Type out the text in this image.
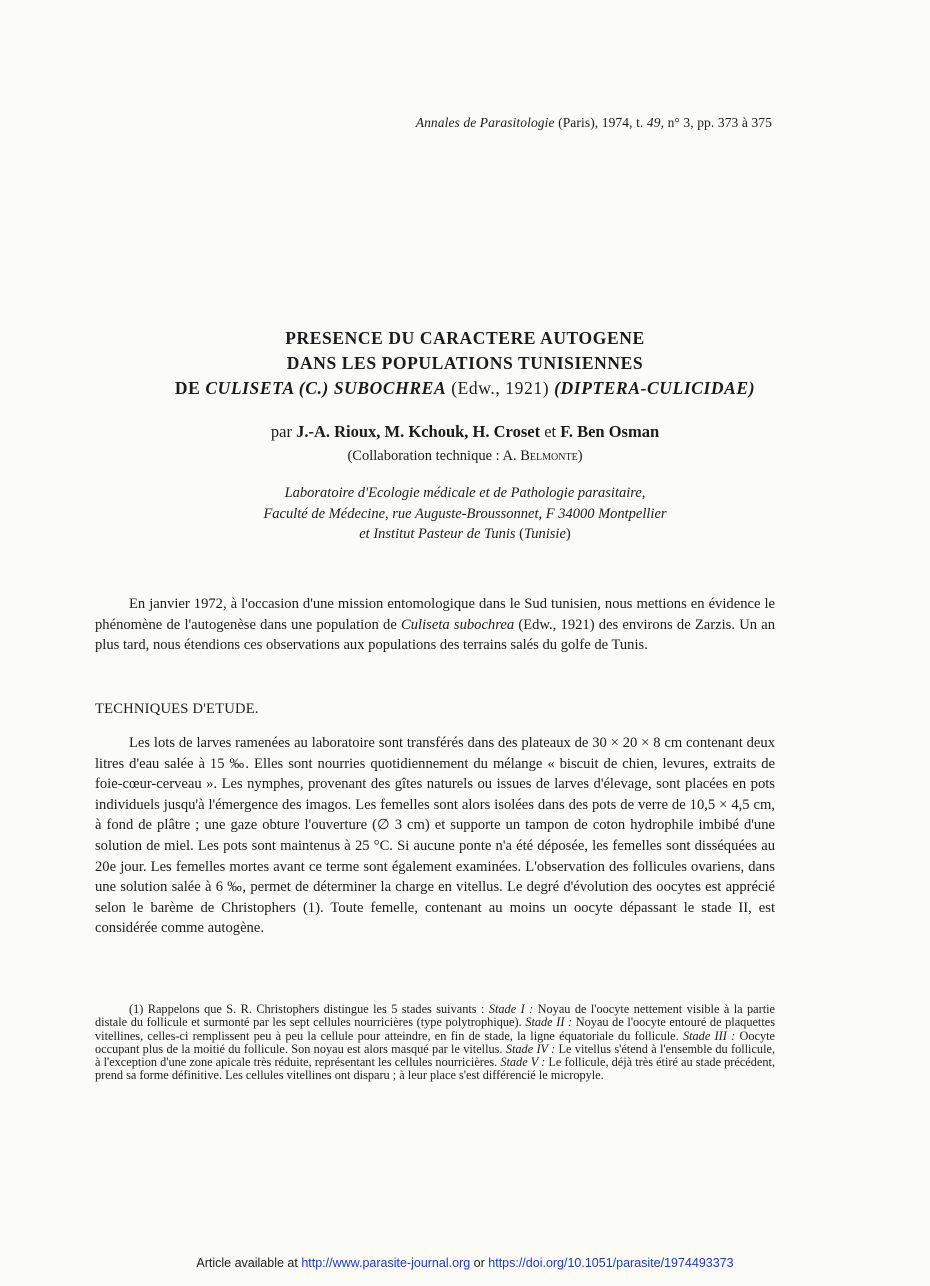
Annales de Parasitologie (Paris), 1974, t. 49, n° 3, pp. 373 à 375
PRESENCE DU CARACTERE AUTOGENE
DANS LES POPULATIONS TUNISIENNES
DE CULISETA (C.) SUBOCHREA (Edw., 1921) (DIPTERA-CULICIDAE)
par J.-A. Rioux, M. Kchouk, H. Croset et F. Ben Osman
(Collaboration technique : A. Belmonte)
Laboratoire d'Ecologie médicale et de Pathologie parasitaire,
Faculté de Médecine, rue Auguste-Broussonnet, F 34000 Montpellier
et Institut Pasteur de Tunis (Tunisie)

En janvier 1972, à l'occasion d'une mission entomologique dans le Sud tunisien, nous mettions en évidence le phénomène de l'autogenèse dans une population de Culiseta subochrea (Edw., 1921) des environs de Zarzis. Un an plus tard, nous étendions ces observations aux populations des terrains salés du golfe de Tunis.

TECHNIQUES D'ETUDE.

Les lots de larves ramenées au laboratoire sont transférés dans des plateaux de 30 × 20 × 8 cm contenant deux litres d'eau salée à 15 ‰. Elles sont nourries quotidiennement du mélange « biscuit de chien, levures, extraits de foie-cœur-cerveau ». Les nymphes, provenant des gîtes naturels ou issues de larves d'élevage, sont placées en pots individuels jusqu'à l'émergence des imagos. Les femelles sont alors isolées dans des pots de verre de 10,5 × 4,5 cm, à fond de plâtre ; une gaze obture l'ouverture (∅ 3 cm) et supporte un tampon de coton hydrophile imbibé d'une solution de miel. Les pots sont maintenus à 25 °C. Si aucune ponte n'a été déposée, les femelles sont disséquées au 20e jour. Les femelles mortes avant ce terme sont également examinées. L'observation des follicules ovariens, dans une solution salée à 6 ‰, permet de déterminer la charge en vitellus. Le degré d'évolution des oocytes est apprécié selon le barème de Christophers (1). Toute femelle, contenant au moins un oocyte dépassant le stade II, est considérée comme autogène.

(1) Rappelons que S. R. Christophers distingue les 5 stades suivants : Stade I : Noyau de l'oocyte nettement visible à la partie distale du follicule et surmonté par les sept cellules nourricières (type polytrophique). Stade II : Noyau de l'oocyte entouré de plaquettes vitellines, celles-ci remplissent peu à peu la cellule pour atteindre, en fin de stade, la ligne équatoriale du follicule. Stade III : Oocyte occupant plus de la moitié du follicule. Son noyau est alors masqué par le vitellus. Stade IV : Le vitellus s'étend à l'ensemble du follicule, à l'exception d'une zone apicale très réduite, représentant les cellules nourricières. Stade V : Le follicule, déjà très étiré au stade précédent, prend sa forme définitive. Les cellules vitellines ont disparu ; à leur place s'est différencié le micropyle.
Article available at http://www.parasite-journal.org or https://doi.org/10.1051/parasite/1974493373
